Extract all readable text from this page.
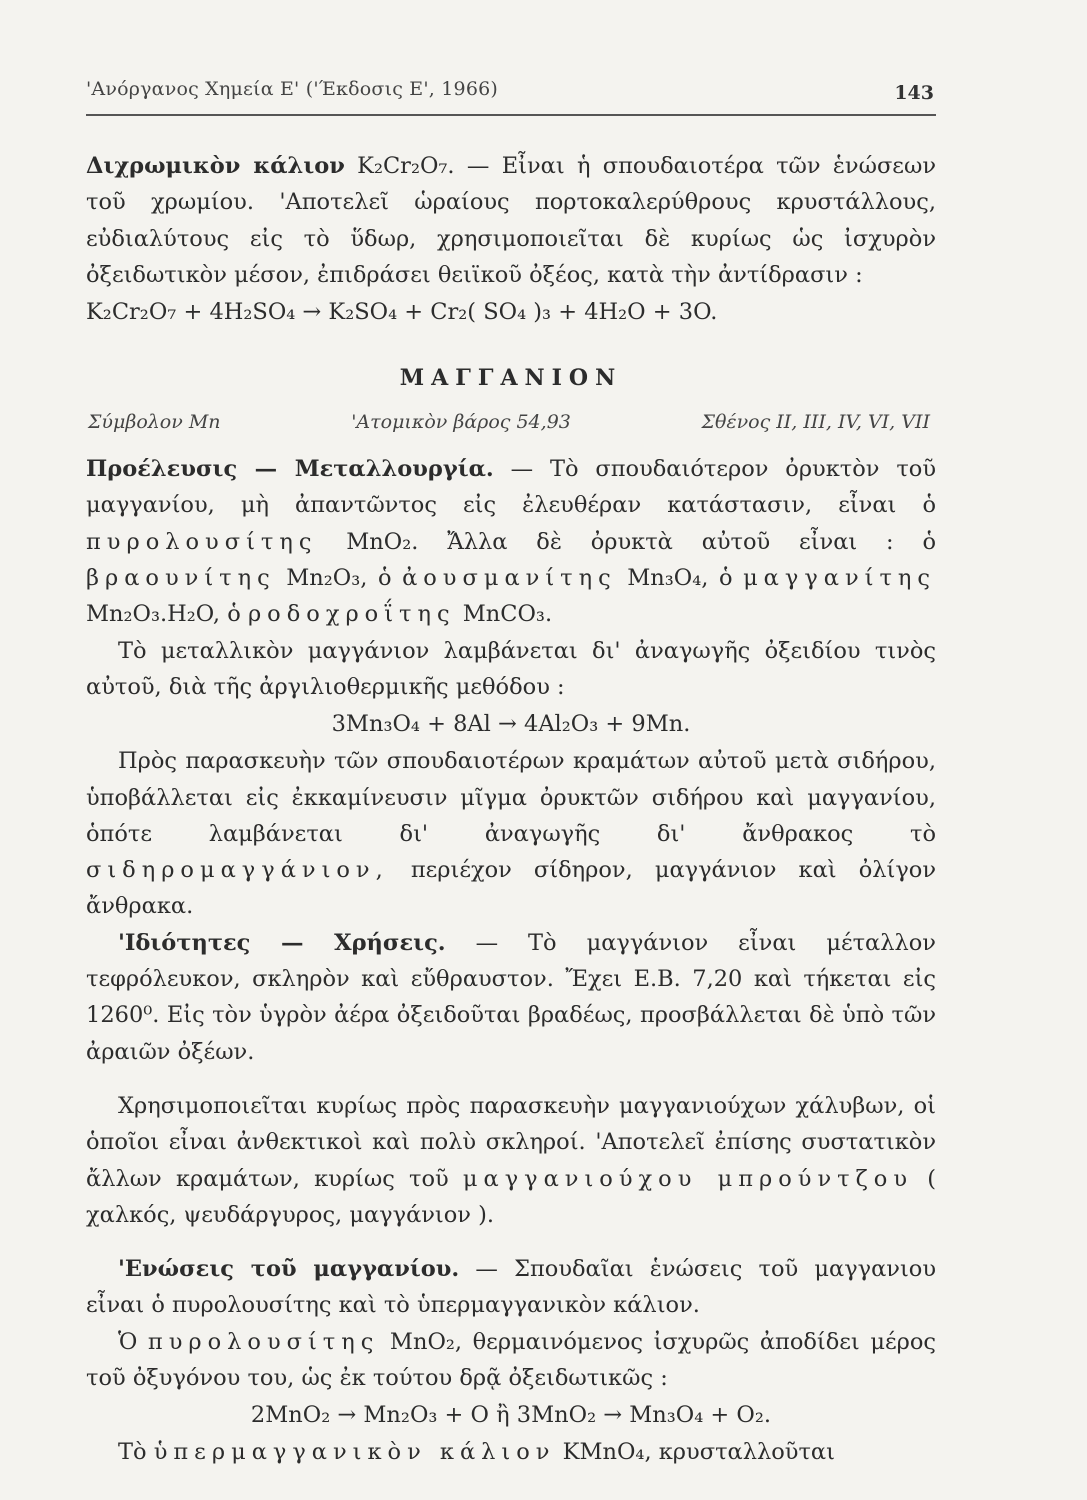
'Ανόργανος Χημεία Ε' ('Έκδοσις Ε', 1966)	143

Διχρωμικὸν κάλιον K₂Cr₂O₇. — Εἶναι ἡ σπουδαιοτέρα τῶν ἑνώσεων τοῦ χρωμίου. 'Αποτελεῖ ὡραίους πορτοκαλερύθρους κρυστάλλους, εὐδιαλύτους εἰς τὸ ὕδωρ, χρησιμοποιεῖται δὲ κυρίως ὡς ἰσχυρὸν ὀξειδωτικὸν μέσον, ἐπιδράσει θειϊκοῦ ὀξέος, κατὰ τὴν ἀντίδρασιν :

K₂Cr₂O₇ + 4H₂SO₄ → K₂SO₄ + Cr₂( SO₄ )₃ + 4H₂O + 3O.
ΜΑΓΓΑΝΙΟΝ
Σύμβολον Mn	'Ατομικὸν βάρος 54,93	Σθένος II, III, IV, VI, VII

Προέλευσις — Μεταλλουργία. — Τὸ σπουδαιότερον ὀρυκτὸν τοῦ μαγγανίου, μὴ ἀπαντῶντος εἰς ἐλευθέραν κατάστασιν, εἶναι ὁ πυρολουσίτης MnO₂. Ἄλλα δὲ ὀρυκτὰ αὐτοῦ εἶναι : ὁ βραουνίτης Mn₂O₃, ὁ ἀουσμανίτης Mn₃O₄, ὁ μαγγανίτης Mn₂O₃.H₂O, ὁ ροδοχροΐτης MnCO₃.

Τὸ μεταλλικὸν μαγγάνιον λαμβάνεται δι' ἀναγωγῆς ὀξειδίου τινὸς αὐτοῦ, διὰ τῆς ἀργιλιοθερμικῆς μεθόδου :

3Mn₃O₄ + 8Al → 4Al₂O₃ + 9Mn.

Πρὸς παρασκευὴν τῶν σπουδαιοτέρων κραμάτων αὐτοῦ μετὰ σιδήρου, ὑποβάλλεται εἰς ἐκκαμίνευσιν μῖγμα ὀρυκτῶν σιδήρου καὶ μαγγανίου, ὁπότε λαμβάνεται δι' ἀναγωγῆς δι' ἄνθρακος τὸ σιδηρομαγγάνιον, περιέχον σίδηρον, μαγγάνιον καὶ ὀλίγον ἄνθρακα.

'Ιδιότητες — Χρήσεις. — Τὸ μαγγάνιον εἶναι μέταλλον τεφρόλευκον, σκληρὸν καὶ εὔθραυστον. Ἔχει Ε.Β. 7,20 καὶ τήκεται εἰς 1260⁰. Εἰς τὸν ὑγρὸν ἀέρα ὀξειδοῦται βραδέως, προσβάλλεται δὲ ὑπὸ τῶν ἀραιῶν ὀξέων.

Χρησιμοποιεῖται κυρίως πρὸς παρασκευὴν μαγγανιούχων χάλυβων, οἱ ὁποῖοι εἶναι ἀνθεκτικοὶ καὶ πολὺ σκληροί. 'Αποτελεῖ ἐπίσης συστατικὸν ἄλλων κραμάτων, κυρίως τοῦ μαγγανιούχου μπρούντζου ( χαλκός, ψευδάργυρος, μαγγάνιον ).

'Ενώσεις τοῦ μαγγανίου. — Σπουδαῖαι ἑνώσεις τοῦ μαγγανιου εἶναι ὁ πυρολουσίτης καὶ τὸ ὑπερμαγγανικὸν κάλιον.

Ὁ πυρολουσίτης MnO₂, θερμαινόμενος ἰσχυρῶς ἀποδίδει μέρος τοῦ ὀξυγόνου του, ὡς ἐκ τούτου δρᾷ ὀξειδωτικῶς :

2MnO₂ → Mn₂O₃ + O ἢ 3MnO₂ → Mn₃O₄ + O₂.

Τὸ ὑπερμαγγανικὸν κάλιον KMnO₄, κρυσταλλοῦται
